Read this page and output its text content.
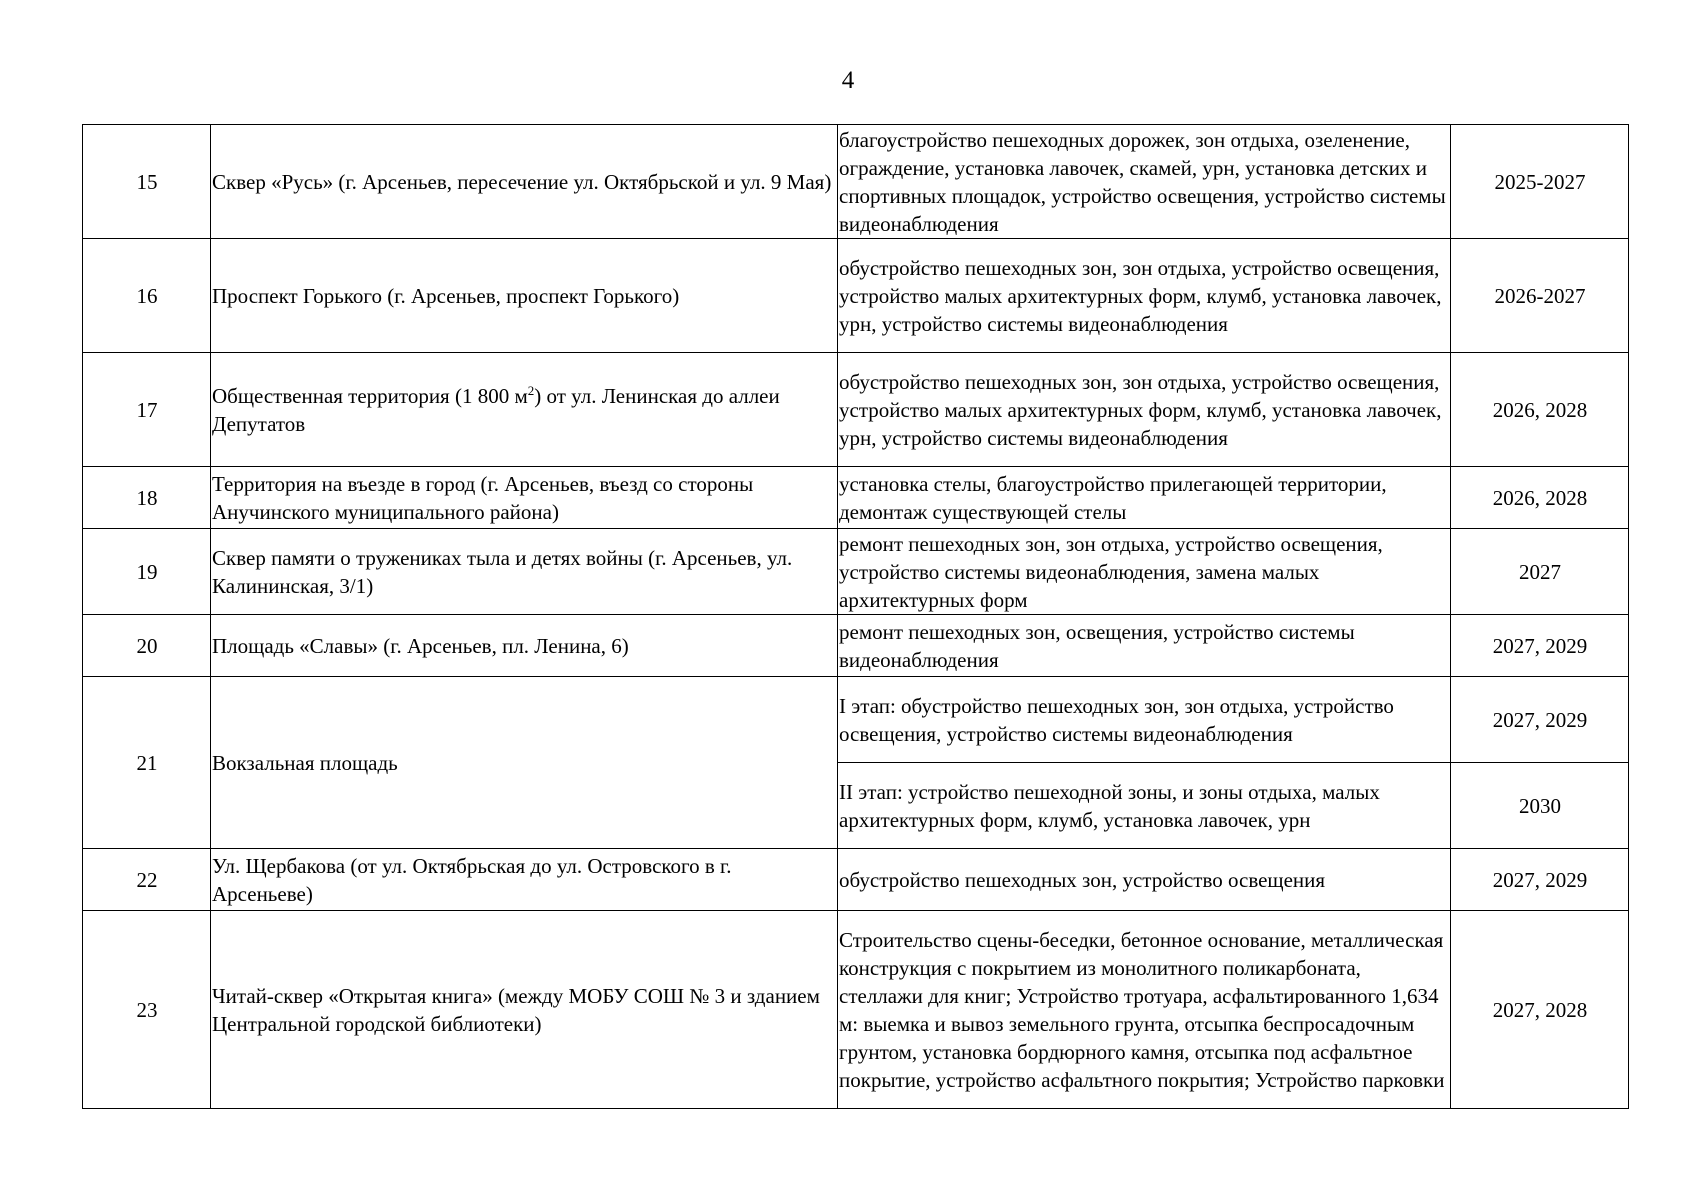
4
15	Сквер «Русь» (г. Арсеньев, пересечение ул. Октябрьской и ул. 9 Мая)	благоустройство пешеходных дорожек, зон отдыха, озеленение, ограждение, установка лавочек, скамей, урн, установка детских и спортивных площадок, устройство освещения, устройство системы видеонаблюдения	2025-2027
16	Проспект Горького (г. Арсеньев, проспект Горького)	обустройство пешеходных зон, зон отдыха, устройство освещения, устройство малых архитектурных форм, клумб, установка лавочек, урн, устройство системы видеонаблюдения	2026-2027
17	Общественная территория (1 800 $м^2$) от ул. Ленинская до аллеи Депутатов	обустройство пешеходных зон, зон отдыха, устройство освещения, устройство малых архитектурных форм, клумб, установка лавочек, урн, устройство системы видеонаблюдения	2026, 2028
18	Территория на въезде в город (г. Арсеньев, въезд со стороны Анучинского муниципального района)	установка стелы, благоустройство прилегающей территории, демонтаж существующей стелы	2026, 2028
19	Сквер памяти о тружениках тыла и детях войны (г. Арсеньев, ул. Калининская, 3/1)	ремонт пешеходных зон, зон отдыха, устройство освещения, устройство системы видеонаблюдения, замена малых архитектурных форм	2027
20	Площадь «Славы» (г. Арсеньев, пл. Ленина, 6)	ремонт пешеходных зон, освещения, устройство системы видеонаблюдения	2027, 2029
21	Вокзальная площадь	I этап: обустройство пешеходных зон, зон отдыха, устройство освещения, устройство системы видеонаблюдения	2027, 2029
		II этап: устройство пешеходной зоны, и зоны отдыха, малых архитектурных форм, клумб, установка лавочек, урн	2030
22	Ул. Щербакова (от ул. Октябрьская до ул. Островского в г. Арсеньеве)	обустройство пешеходных зон, устройство освещения	2027, 2029
23	Читай-сквер «Открытая книга» (между МОБУ СОШ № 3 и зданием Центральной городской библиотеки)	Строительство сцены-беседки, бетонное основание, металлическая конструкция с покрытием из монолитного поликарбоната, стеллажи для книг; Устройство тротуара, асфальтированного 1,634 м: выемка и вывоз земельного грунта, отсыпка беспросадочным грунтом, установка бордюрного камня, отсыпка под асфальтное покрытие, устройство асфальтного покрытия; Устройство парковки	2027, 2028
